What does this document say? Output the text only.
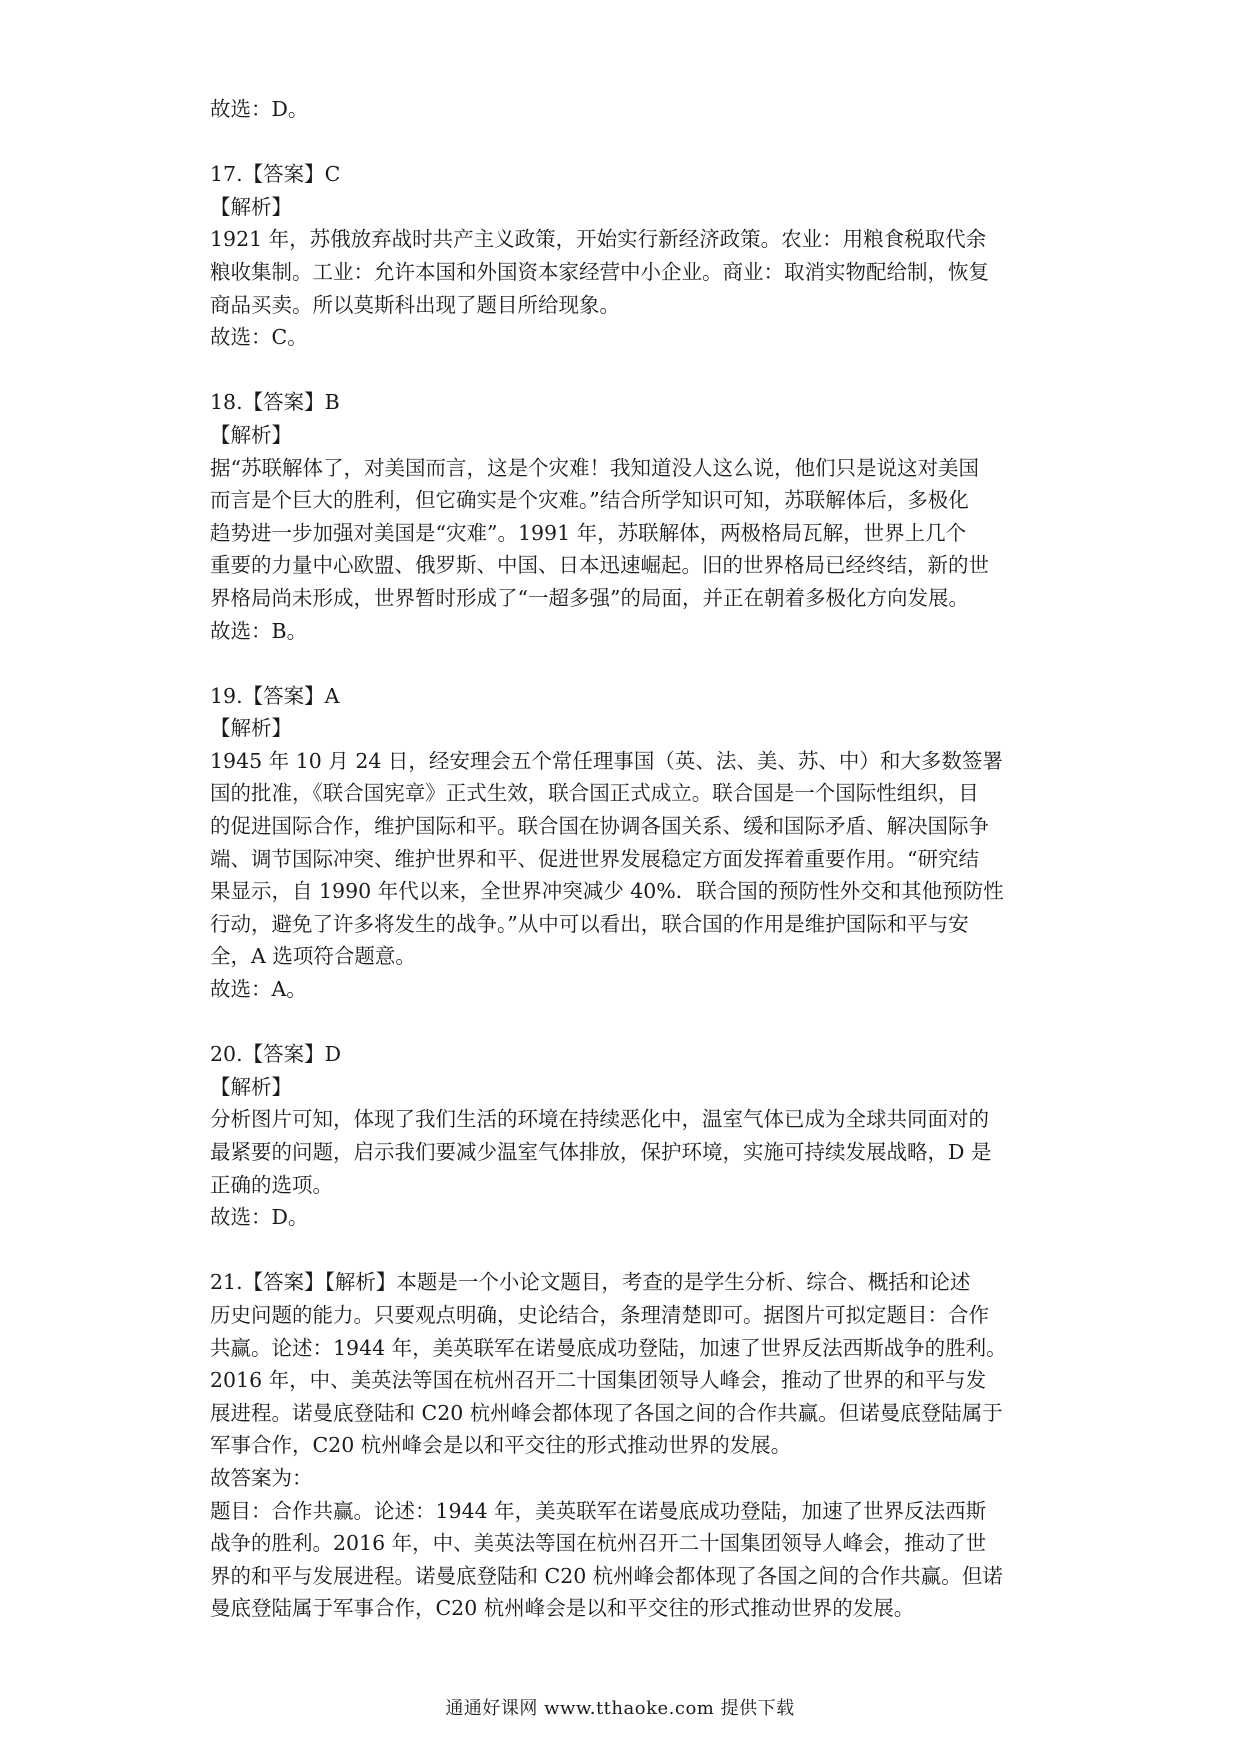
故选：D。

17.【答案】C

【解析】

1921 年，苏俄放弃战时共产主义政策，开始实行新经济政策。农业：用粮食税取代余

粮收集制。工业：允许本国和外国资本家经营中小企业。商业：取消实物配给制，恢复

商品买卖。所以莫斯科出现了题目所给现象。

故选：C。

18.【答案】B

【解析】

据“苏联解体了，对美国而言，这是个灾难！我知道没人这么说，他们只是说这对美国

而言是个巨大的胜利，但它确实是个灾难。”结合所学知识可知，苏联解体后，多极化

趋势进一步加强对美国是“灾难”。1991 年，苏联解体，两极格局瓦解，世界上几个

重要的力量中心欧盟、俄罗斯、中国、日本迅速崛起。旧的世界格局已经终结，新的世

界格局尚未形成，世界暂时形成了“一超多强”的局面，并正在朝着多极化方向发展。

故选：B。

19.【答案】A

【解析】

1945 年 10 月 24 日，经安理会五个常任理事国（英、法、美、苏、中）和大多数签署

国的批准，《联合国宪章》正式生效，联合国正式成立。联合国是一个国际性组织，目

的促进国际合作，维护国际和平。联合国在协调各国关系、缓和国际矛盾、解决国际争

端、调节国际冲突、维护世界和平、促进世界发展稳定方面发挥着重要作用。“研究结

果显示，自 1990 年代以来，全世界冲突减少 40%．联合国的预防性外交和其他预防性

行动，避免了许多将发生的战争。”从中可以看出，联合国的作用是维护国际和平与安

全，A 选项符合题意。

故选：A。

20.【答案】D

【解析】

分析图片可知，体现了我们生活的环境在持续恶化中，温室气体已成为全球共同面对的

最紧要的问题，启示我们要减少温室气体排放，保护环境，实施可持续发展战略，D 是

正确的选项。

故选：D。

21.【答案】【解析】本题是一个小论文题目，考查的是学生分析、综合、概括和论述

历史问题的能力。只要观点明确，史论结合，条理清楚即可。据图片可拟定题目：合作

共赢。论述：1944 年，美英联军在诺曼底成功登陆，加速了世界反法西斯战争的胜利。

2016 年，中、美英法等国在杭州召开二十国集团领导人峰会，推动了世界的和平与发

展进程。诺曼底登陆和 C20 杭州峰会都体现了各国之间的合作共赢。但诺曼底登陆属于

军事合作，C20 杭州峰会是以和平交往的形式推动世界的发展。

故答案为：

题目：合作共赢。论述：1944 年，美英联军在诺曼底成功登陆，加速了世界反法西斯

战争的胜利。2016 年，中、美英法等国在杭州召开二十国集团领导人峰会，推动了世

界的和平与发展进程。诺曼底登陆和 C20 杭州峰会都体现了各国之间的合作共赢。但诺

曼底登陆属于军事合作，C20 杭州峰会是以和平交往的形式推动世界的发展。

通通好课网 www.tthaoke.com 提供下载
